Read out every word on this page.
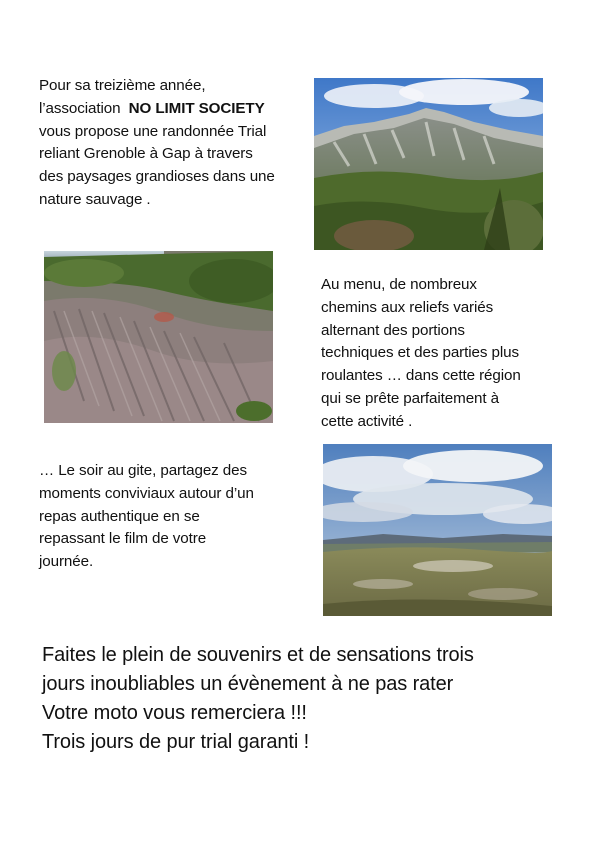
Pour sa treizième année,
l’association  NO LIMIT SOCIETY
vous propose une randonnée Trial
reliant Grenoble à Gap à travers
des paysages grandioses dans une
nature sauvage .
Au menu, de nombreux
chemins aux reliefs variés
alternant des portions
techniques et des parties plus
roulantes … dans cette région
qui se prête parfaitement à
cette activité .
… Le soir au gite, partagez des
moments conviviaux autour d’un
repas authentique en se
repassant le film de votre
journée.
Faites le plein de souvenirs et de sensations trois
jours inoubliables un évènement à ne pas rater
Votre moto vous remerciera !!!
Trois jours de pur trial garanti !
